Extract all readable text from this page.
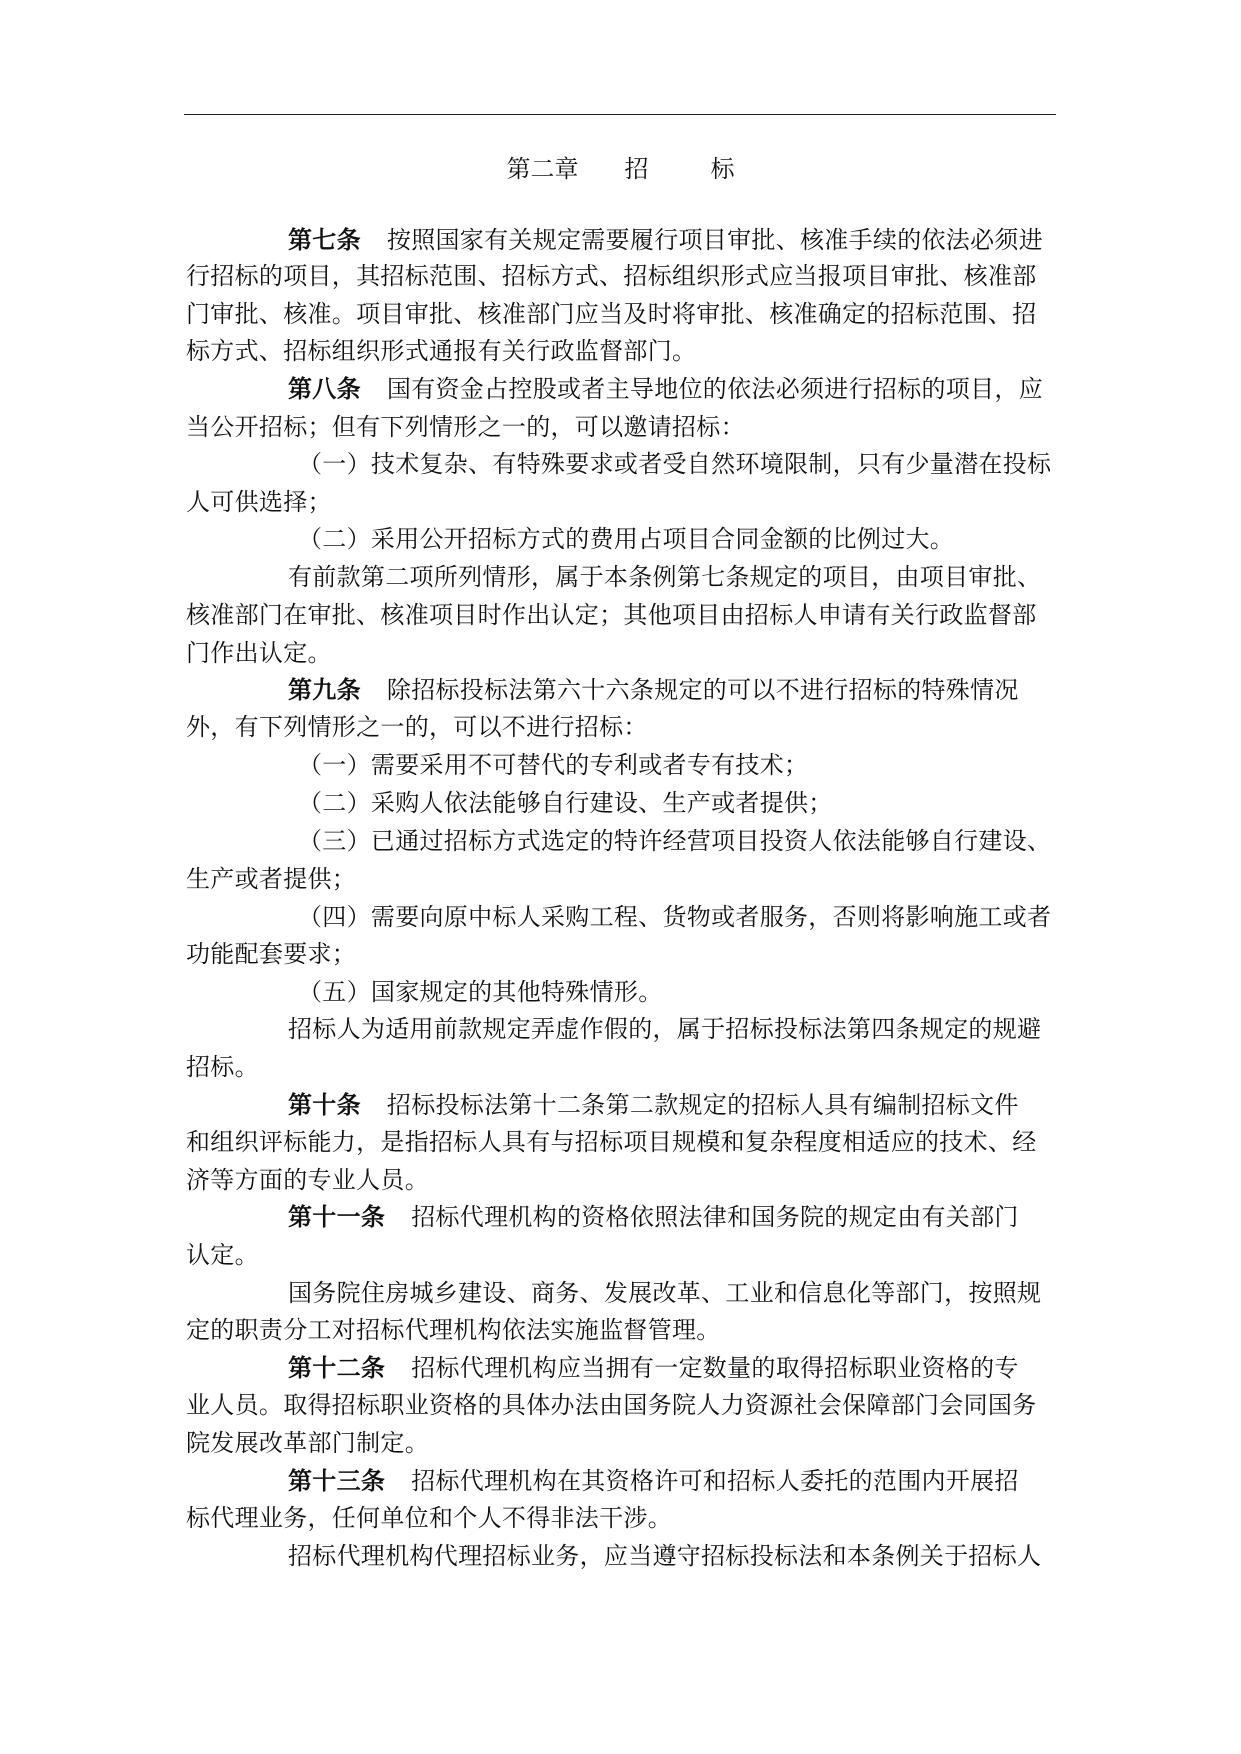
第二章 招	标
第七条 按照国家有关规定需要履行项目审批、核准手续的依法必须进
行招标的项目，其招标范围、招标方式、招标组织形式应当报项目审批、核准部
门审批、核准。项目审批、核准部门应当及时将审批、核准确定的招标范围、招
标方式、招标组织形式通报有关行政监督部门。
第八条 国有资金占控股或者主导地位的依法必须进行招标的项目，应
当公开招标；但有下列情形之一的，可以邀请招标：
（一）技术复杂、有特殊要求或者受自然环境限制，只有少量潜在投标
人可供选择；
（二）采用公开招标方式的费用占项目合同金额的比例过大。
有前款第二项所列情形，属于本条例第七条规定的项目，由项目审批、
核准部门在审批、核准项目时作出认定；其他项目由招标人申请有关行政监督部
门作出认定。
第九条 除招标投标法第六十六条规定的可以不进行招标的特殊情况
外，有下列情形之一的，可以不进行招标：
（一）需要采用不可替代的专利或者专有技术；
（二）采购人依法能够自行建设、生产或者提供；
（三）已通过招标方式选定的特许经营项目投资人依法能够自行建设、
生产或者提供；
（四）需要向原中标人采购工程、货物或者服务，否则将影响施工或者
功能配套要求；
（五）国家规定的其他特殊情形。
招标人为适用前款规定弄虚作假的，属于招标投标法第四条规定的规避
招标。
第十条 招标投标法第十二条第二款规定的招标人具有编制招标文件
和组织评标能力，是指招标人具有与招标项目规模和复杂程度相适应的技术、经
济等方面的专业人员。
第十一条 招标代理机构的资格依照法律和国务院的规定由有关部门
认定。
国务院住房城乡建设、商务、发展改革、工业和信息化等部门，按照规
定的职责分工对招标代理机构依法实施监督管理。
第十二条 招标代理机构应当拥有一定数量的取得招标职业资格的专
业人员。取得招标职业资格的具体办法由国务院人力资源社会保障部门会同国务
院发展改革部门制定。
第十三条 招标代理机构在其资格许可和招标人委托的范围内开展招
标代理业务，任何单位和个人不得非法干涉。
招标代理机构代理招标业务，应当遵守招标投标法和本条例关于招标人
